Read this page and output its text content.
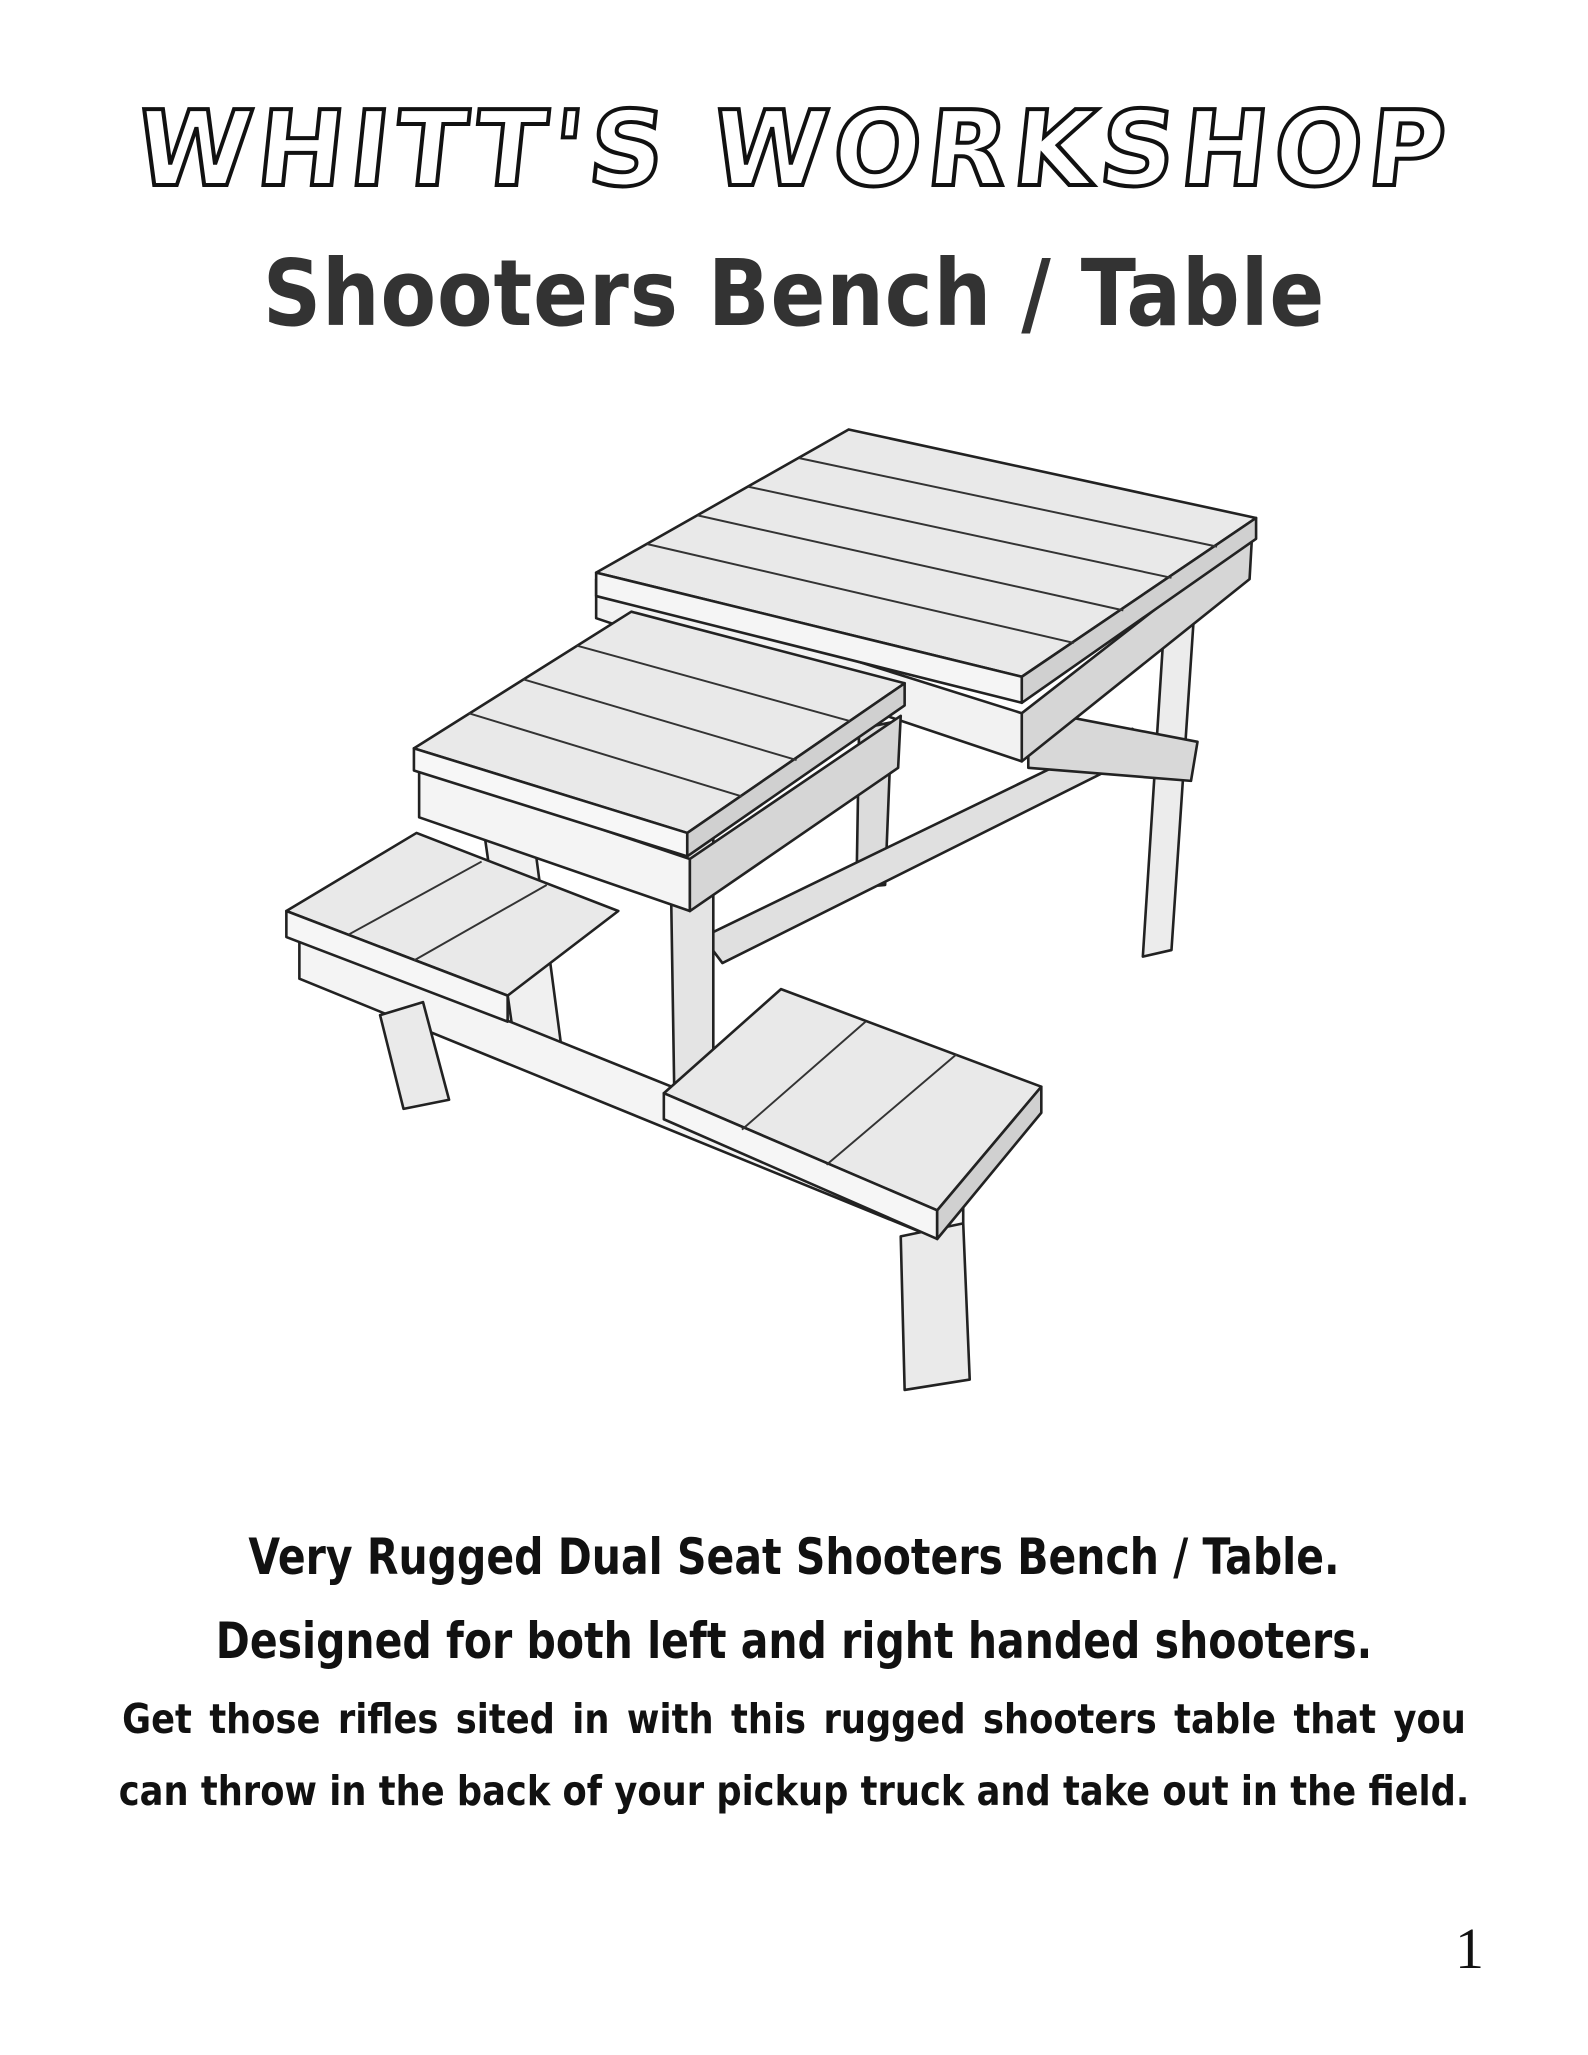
WHITT'S WORKSHOP
Shooters Bench / Table
Very Rugged Dual Seat Shooters Bench / Table.
Designed for both left and right handed shooters.
Get those rifles sited in with this rugged shooters table that you
can throw in the back of your pickup truck and take out in the field.
1
